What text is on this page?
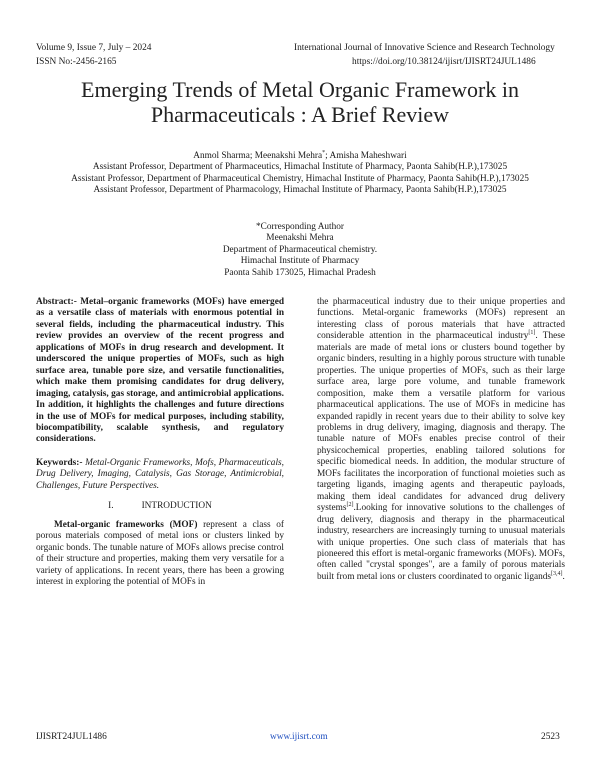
Volume 9, Issue 7, July – 2024	International Journal of Innovative Science and Research Technology
ISSN No:-2456-2165	https://doi.org/10.38124/ijisrt/IJISRT24JUL1486
Emerging Trends of Metal Organic Framework in
Pharmaceuticals : A Brief Review
Anmol Sharma; Meenakshi Mehra*; Amisha Maheshwari
Assistant Professor, Department of Pharmaceutics, Himachal Institute of Pharmacy, Paonta Sahib(H.P.),173025
Assistant Professor, Department of Pharmaceutical Chemistry, Himachal Institute of Pharmacy, Paonta Sahib(H.P.),173025
Assistant Professor, Department of Pharmacology, Himachal Institute of Pharmacy, Paonta Sahib(H.P.),173025
*Corresponding Author
Meenakshi Mehra
Department of Pharmaceutical chemistry.
Himachal Institute of Pharmacy
Paonta Sahib 173025, Himachal Pradesh

Abstract:- Metal–organic frameworks (MOFs) have emerged as a versatile class of materials with enormous potential in several fields, including the pharmaceutical industry. This review provides an overview of the recent progress and applications of MOFs in drug research and development. It underscored the unique properties of MOFs, such as high surface area, tunable pore size, and versatile functionalities, which make them promising candidates for drug delivery, imaging, catalysis, gas storage, and antimicrobial applications. In addition, it highlights the challenges and future directions in the use of MOFs for medical purposes, including stability, biocompatibility, scalable synthesis, and regulatory considerations.

Keywords:- Metal-Organic Frameworks, Mofs, Pharmaceuticals, Drug Delivery, Imaging, Catalysis, Gas Storage, Antimicrobial, Challenges, Future Perspectives.

I.	INTRODUCTION

Metal-organic frameworks (MOF) represent a class of porous materials composed of metal ions or clusters linked by organic bonds. The tunable nature of MOFs allows precise control of their structure and properties, making them very versatile for a variety of applications. In recent years, there has been a growing interest in exploring the potential of MOFs in

the pharmaceutical industry due to their unique properties and functions. Metal-organic frameworks (MOFs) represent an interesting class of porous materials that have attracted considerable attention in the pharmaceutical industry[1]. These materials are made of metal ions or clusters bound together by organic binders, resulting in a highly porous structure with tunable properties. The unique properties of MOFs, such as their large surface area, large pore volume, and tunable framework composition, make them a versatile platform for various pharmaceutical applications. The use of MOFs in medicine has expanded rapidly in recent years due to their ability to solve key problems in drug delivery, imaging, diagnosis and therapy. The tunable nature of MOFs enables precise control of their physicochemical properties, enabling tailored solutions for specific biomedical needs. In addition, the modular structure of MOFs facilitates the incorporation of functional moieties such as targeting ligands, imaging agents and therapeutic payloads, making them ideal candidates for advanced drug delivery systems[2].Looking for innovative solutions to the challenges of drug delivery, diagnosis and therapy in the pharmaceutical industry, researchers are increasingly turning to unusual materials with unique properties. One such class of materials that has pioneered this effort is metal-organic frameworks (MOFs). MOFs, often called "crystal sponges", are a family of porous materials built from metal ions or clusters coordinated to organic ligands[3,4].

IJISRT24JUL1486	www.ijisrt.com	2523
